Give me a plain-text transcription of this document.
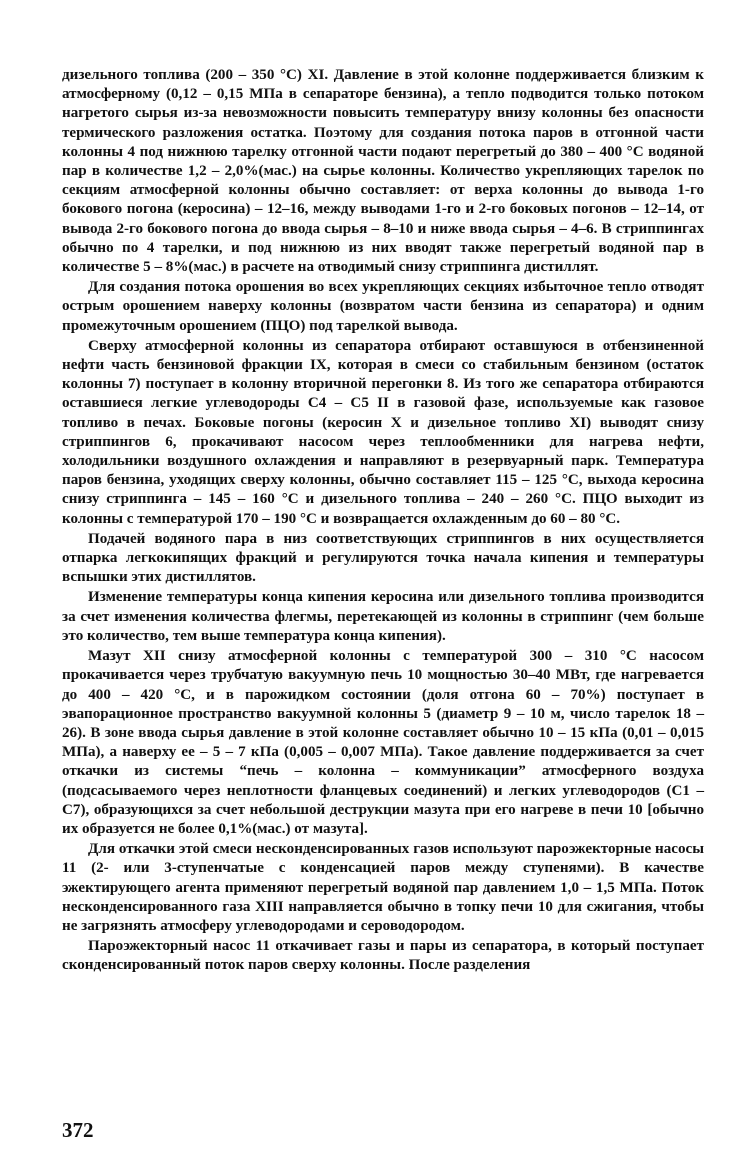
дизельного топлива (200 – 350 °С) XI. Давление в этой колонне поддерживается близким к атмосферному (0,12 – 0,15 МПа в сепараторе бензина), а тепло подводится только потоком нагретого сырья из-за невозможности повысить температуру внизу колонны без опасности термического разложения остатка. Поэтому для создания потока паров в отгонной части колонны 4 под нижнюю тарелку отгонной части подают перегретый до 380 – 400 °С водяной пар в количестве 1,2 – 2,0%(мас.) на сырье колонны. Количество укрепляющих тарелок по секциям атмосферной колонны обычно составляет: от верха колонны до вывода 1-го бокового погона (керосина) – 12–16, между выводами 1-го и 2-го боковых погонов – 12–14, от вывода 2-го бокового погона до ввода сырья – 8–10 и ниже ввода сырья – 4–6. В стриппингах обычно по 4 тарелки, и под нижнюю из них вводят также перегретый водяной пар в количестве 5 – 8%(мас.) в расчете на отводимый снизу стриппинга дистиллят.

Для создания потока орошения во всех укрепляющих секциях избыточное тепло отводят острым орошением наверху колонны (возвратом части бензина из сепаратора) и одним промежуточным орошением (ПЦО) под тарелкой вывода.

Сверху атмосферной колонны из сепаратора отбирают оставшуюся в отбензиненной нефти часть бензиновой фракции IX, которая в смеси со стабильным бензином (остаток колонны 7) поступает в колонну вторичной перегонки 8. Из того же сепаратора отбираются оставшиеся легкие углеводороды С4 – С5 II в газовой фазе, используемые как газовое топливо в печах. Боковые погоны (керосин X и дизельное топливо XI) выводят снизу стриппингов 6, прокачивают насосом через теплообменники для нагрева нефти, холодильники воздушного охлаждения и направляют в резервуарный парк. Температура паров бензина, уходящих сверху колонны, обычно составляет 115 – 125 °С, выхода керосина снизу стриппинга – 145 – 160 °С и дизельного топлива – 240 – 260 °С. ПЦО выходит из колонны с температурой 170 – 190 °С и возвращается охлажденным до 60 – 80 °С.

Подачей водяного пара в низ соответствующих стриппингов в них осуществляется отпарка легкокипящих фракций и регулируются точка начала кипения и температуры вспышки этих дистиллятов.

Изменение температуры конца кипения керосина или дизельного топлива производится за счет изменения количества флегмы, перетекающей из колонны в стриппинг (чем больше это количество, тем выше температура конца кипения).

Мазут XII снизу атмосферной колонны с температурой 300 – 310 °С насосом прокачивается через трубчатую вакуумную печь 10 мощностью 30–40 МВт, где нагревается до 400 – 420 °С, и в парожидком состоянии (доля отгона 60 – 70%) поступает в эвапорационное пространство вакуумной колонны 5 (диаметр 9 – 10 м, число тарелок 18 – 26). В зоне ввода сырья давление в этой колонне составляет обычно 10 – 15 кПа (0,01 – 0,015 МПа), а наверху ее – 5 – 7 кПа (0,005 – 0,007 МПа). Такое давление поддерживается за счет откачки из системы “печь – колонна – коммуникации” атмосферного воздуха (подсасываемого через неплотности фланцевых соединений) и легких углеводородов (С1 – С7), образующихся за счет небольшой деструкции мазута при его нагреве в печи 10 [обычно их образуется не более 0,1%(мас.) от мазута].

Для откачки этой смеси несконденсированных газов используют пароэжекторные насосы 11 (2- или 3-ступенчатые с конденсацией паров между ступенями). В качестве эжектирующего агента применяют перегретый водяной пар давлением 1,0 – 1,5 МПа. Поток несконденсированного газа XIII направляется обычно в топку печи 10 для сжигания, чтобы не загрязнять атмосферу углеводородами и сероводородом.

Пароэжекторный насос 11 откачивает газы и пары из сепаратора, в который поступает сконденсированный поток паров сверху колонны. После разделения

372
